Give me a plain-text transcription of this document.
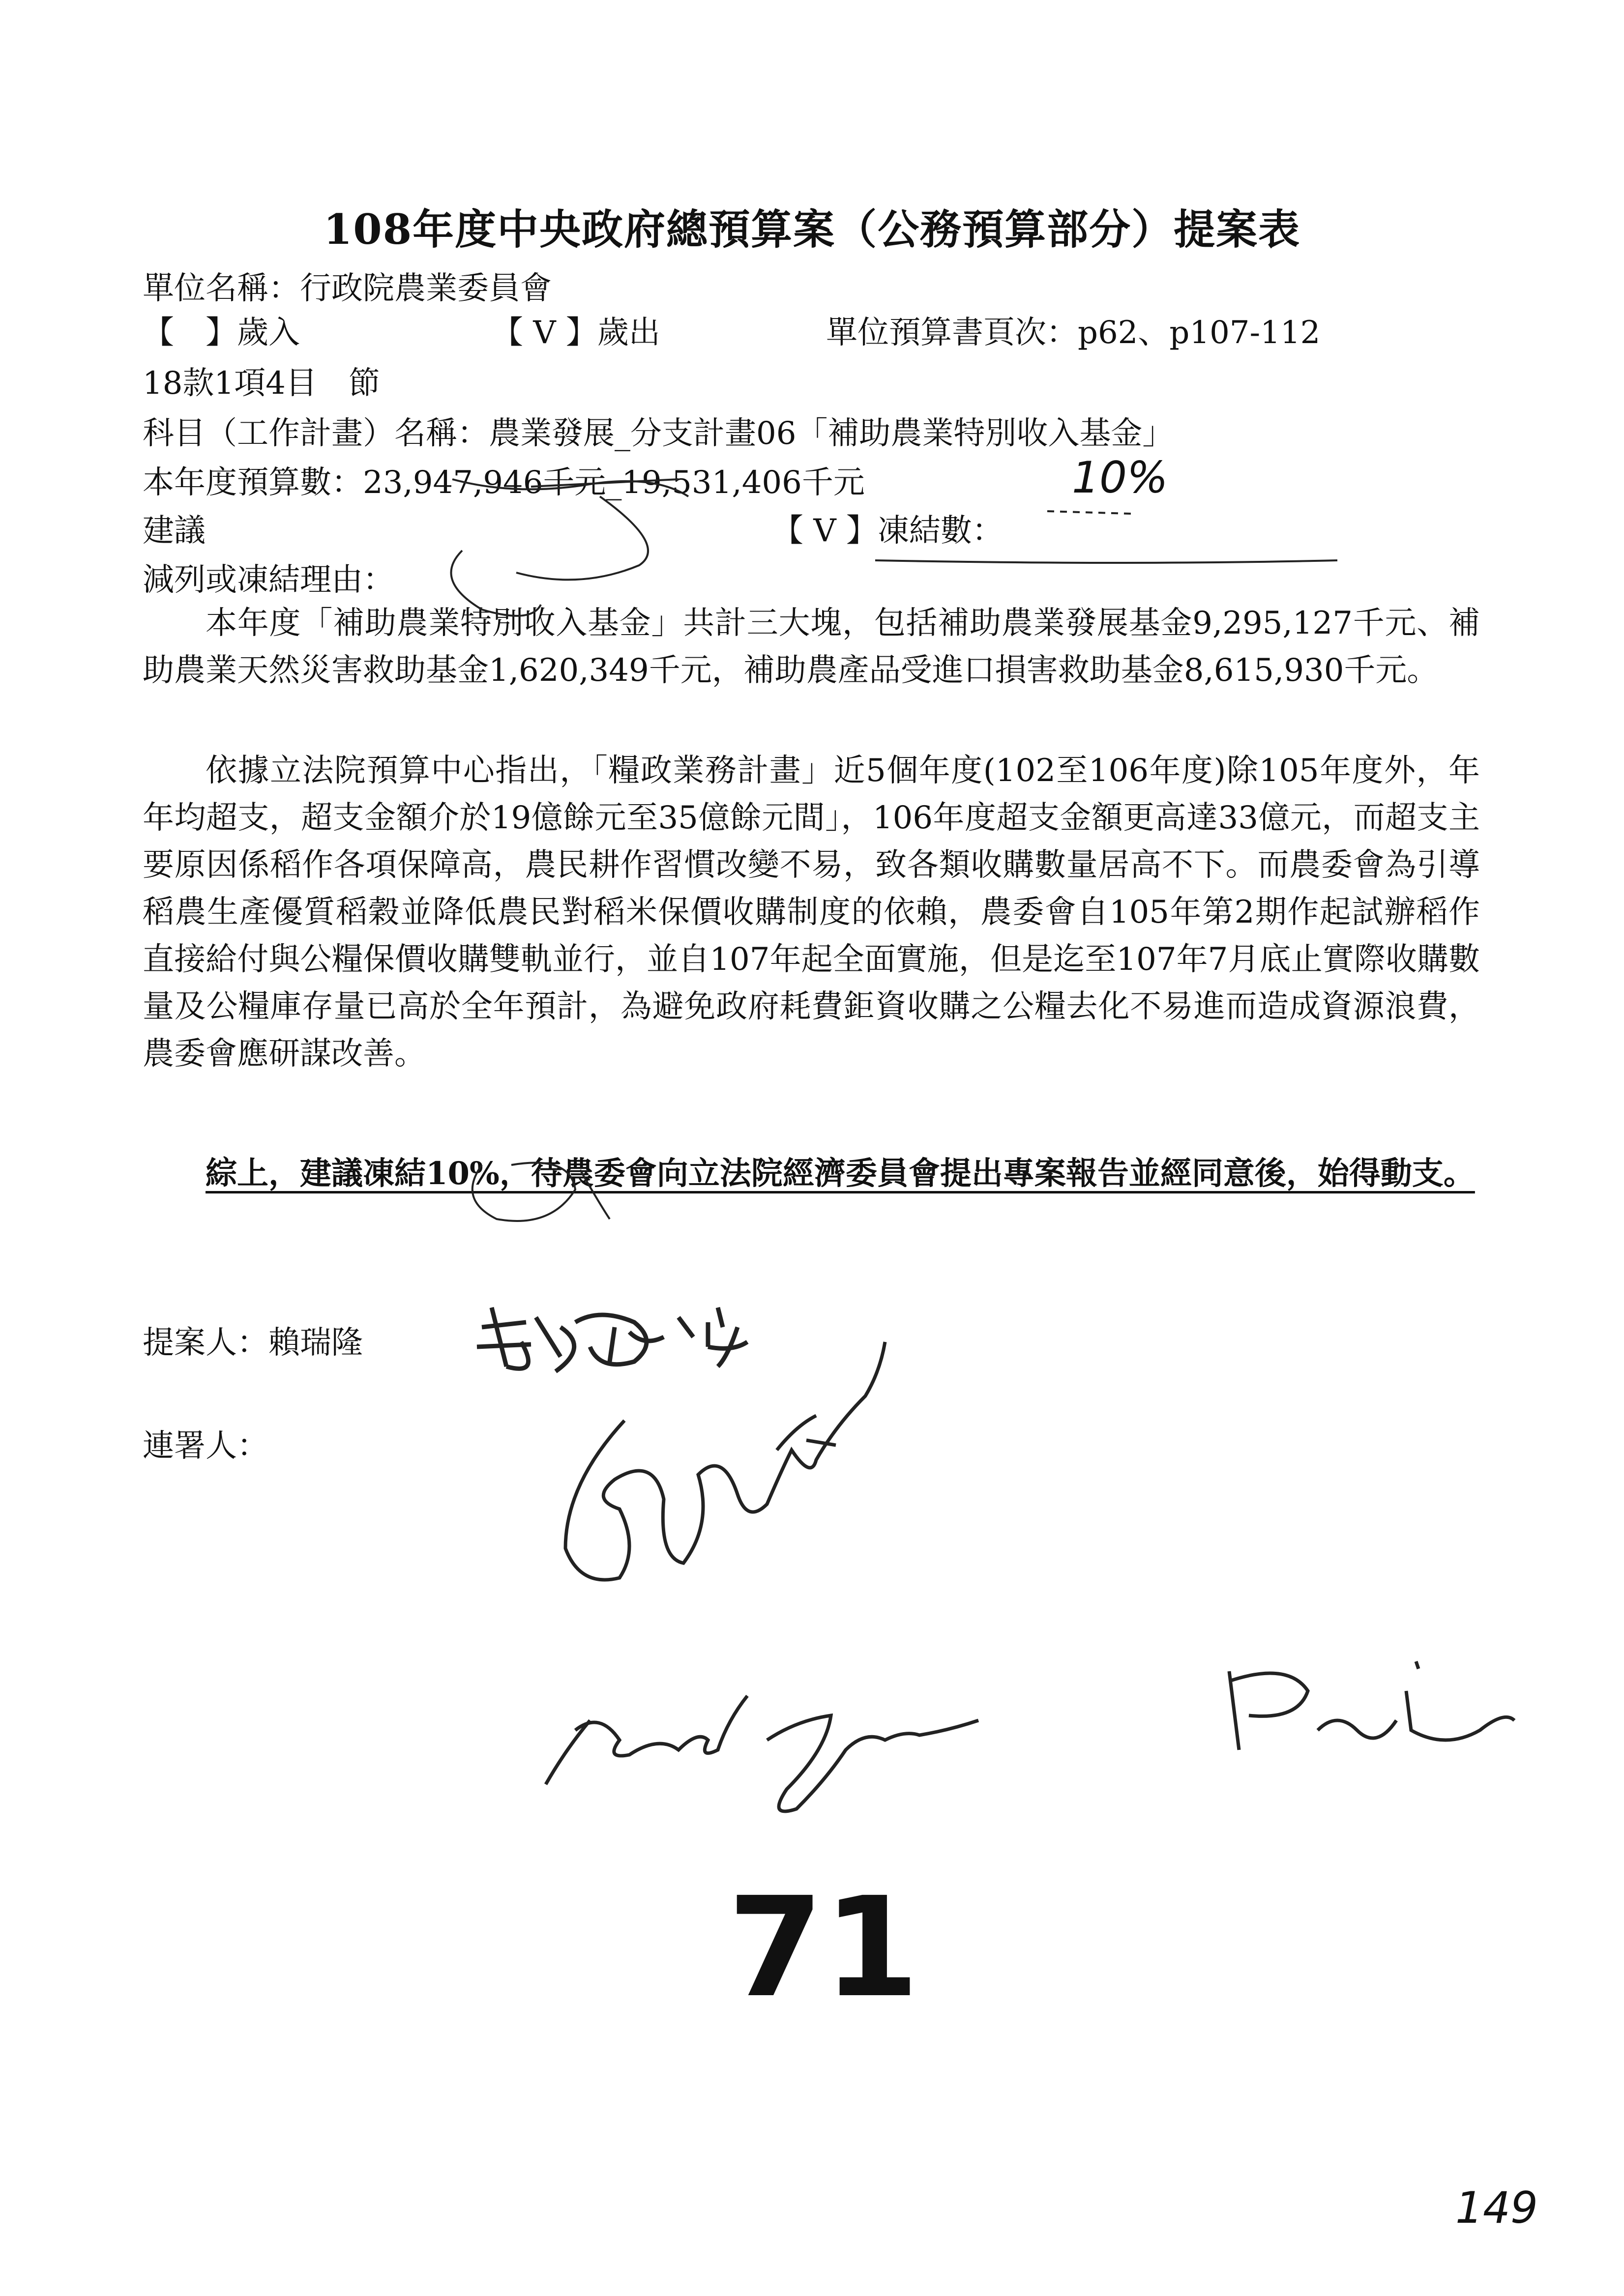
108年度中央政府總預算案（公務預算部分）提案表
單位名稱：行政院農業委員會
【　】歲入	【 V 】歲出	單位預算書頁次：p62、p107-112
18款1項4目　節
科目（工作計畫）名稱：農業發展_分支計畫06「補助農業特別收入基金」
本年度預算數：23,947,946千元_19,531,406千元	10%
建議	【 V 】凍結數：
減列或凍結理由：
本年度「補助農業特別收入基金」共計三大塊，包括補助農業發展基金9,295,127千元、補助農業天然災害救助基金1,620,349千元，補助農產品受進口損害救助基金8,615,930千元。
依據立法院預算中心指出，「糧政業務計畫」近5個年度(102至106年度)除105年度外，年年均超支，超支金額介於19億餘元至35億餘元間」，106年度超支金額更高達33億元，而超支主要原因係稻作各項保障高，農民耕作習慣改變不易，致各類收購數量居高不下。而農委會為引導稻農生產優質稻穀並降低農民對稻米保價收購制度的依賴，農委會自105年第2期作起試辦稻作直接給付與公糧保價收購雙軌並行，並自107年起全面實施，但是迄至107年7月底止實際收購數量及公糧庫存量已高於全年預計，為避免政府耗費鉅資收購之公糧去化不易進而造成資源浪費，農委會應研謀改善。
綜上，建議凍結10%，待農委會向立法院經濟委員會提出專案報告並經同意後，始得動支。
提案人：賴瑞隆
連署人：
71
149
